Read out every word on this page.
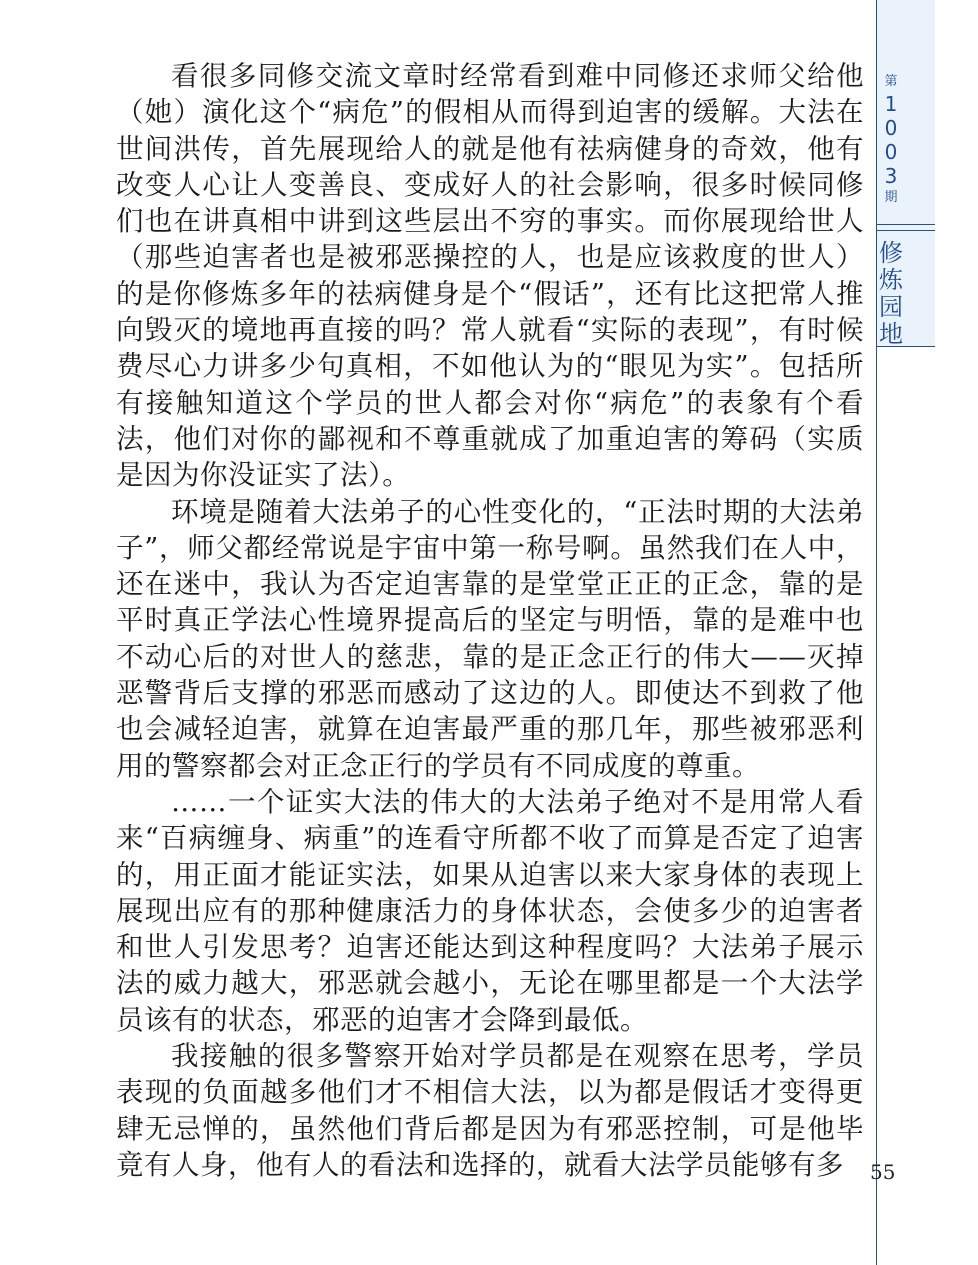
看很多同修交流文章时经常看到难中同修还求师父给他（她）演化这个“病危”的假相从而得到迫害的缓解。大法在世间洪传，首先展现给人的就是他有祛病健身的奇效，他有改变人心让人变善良、变成好人的社会影响，很多时候同修们也在讲真相中讲到这些层出不穷的事实。而你展现给世人（那些迫害者也是被邪恶操控的人，也是应该救度的世人）的是你修炼多年的祛病健身是个“假话”，还有比这把常人推向毁灭的境地再直接的吗？常人就看“实际的表现”，有时候费尽心力讲多少句真相，不如他认为的“眼见为实”。包括所有接触知道这个学员的世人都会对你“病危”的表象有个看法，他们对你的鄙视和不尊重就成了加重迫害的筹码（实质是因为你没证实了法）。

环境是随着大法弟子的心性变化的，“正法时期的大法弟子”，师父都经常说是宇宙中第一称号啊。虽然我们在人中，还在迷中，我认为否定迫害靠的是堂堂正正的正念，靠的是平时真正学法心性境界提高后的坚定与明悟，靠的是难中也不动心后的对世人的慈悲，靠的是正念正行的伟大——灭掉恶警背后支撑的邪恶而感动了这边的人。即使达不到救了他也会减轻迫害，就算在迫害最严重的那几年，那些被邪恶利用的警察都会对正念正行的学员有不同成度的尊重。

……一个证实大法的伟大的大法弟子绝对不是用常人看来“百病缠身、病重”的连看守所都不收了而算是否定了迫害的，用正面才能证实法，如果从迫害以来大家身体的表现上展现出应有的那种健康活力的身体状态，会使多少的迫害者和世人引发思考？迫害还能达到这种程度吗？大法弟子展示法的威力越大，邪恶就会越小，无论在哪里都是一个大法学员该有的状态，邪恶的迫害才会降到最低。

我接触的很多警察开始对学员都是在观察在思考，学员表现的负面越多他们才不相信大法，以为都是假话才变得更肆无忌惮的，虽然他们背后都是因为有邪恶控制，可是他毕竟有人身，他有人的看法和选择的，就看大法学员能够有多

第
1
0
0
3
期
修
炼
园
地
55
